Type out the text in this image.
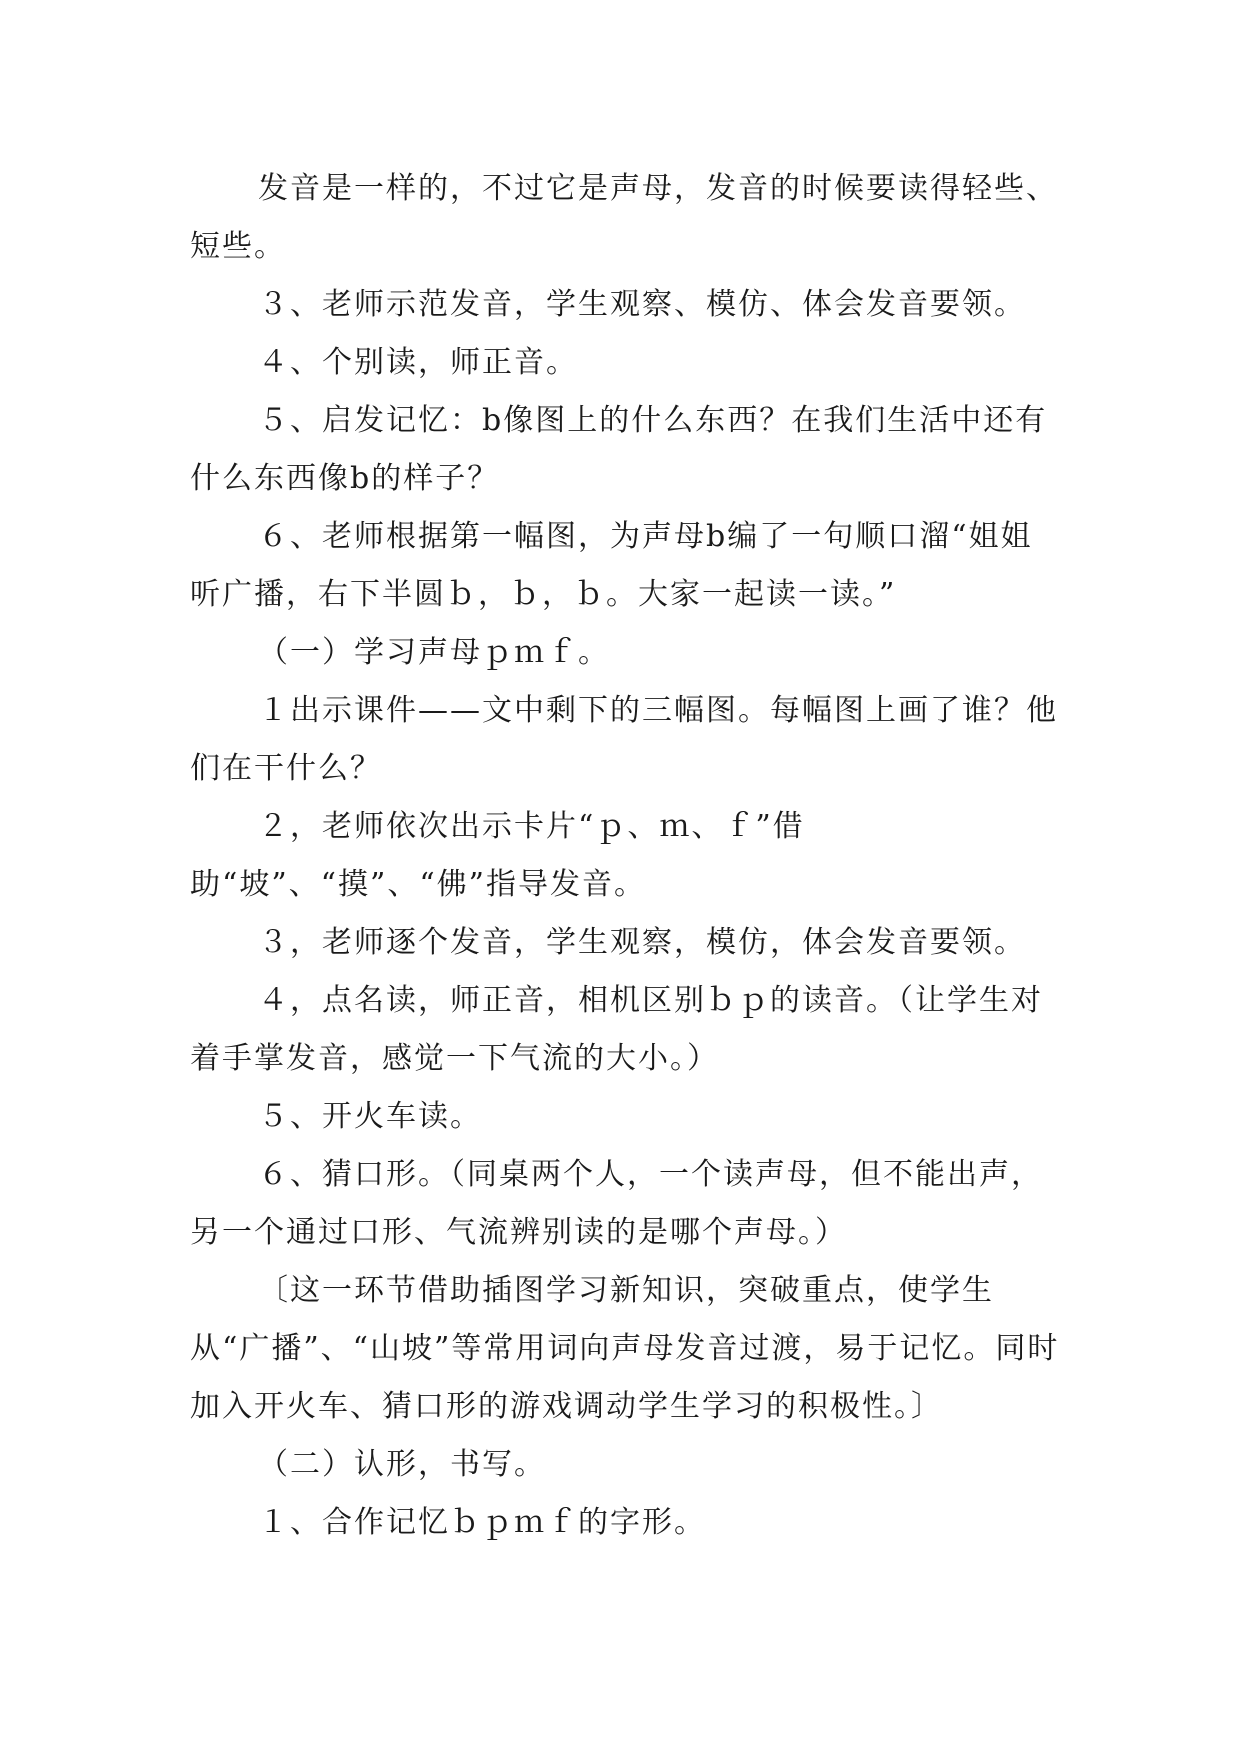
发音是一样的，不过它是声母，发音的时候要读得轻些、短些。

３、老师示范发音，学生观察、模仿、体会发音要领。

４、个别读，师正音。

５、启发记忆：b像图上的什么东西？在我们生活中还有什么东西像b的样子？

６、老师根据第一幅图，为声母b编了一句顺口溜“姐姐听广播，右下半圆ｂ，ｂ，ｂ。大家一起读一读。”

（一）学习声母ｐｍｆ。

１出示课件——文中剩下的三幅图。每幅图上画了谁？他们在干什么？

２，老师依次出示卡片“ｐ、ｍ、ｆ”借助“坡”、“摸”、“佛”指导发音。

３，老师逐个发音，学生观察，模仿，体会发音要领。

４，点名读，师正音，相机区别ｂｐ的读音。（让学生对着手掌发音，感觉一下气流的大小。）

５、开火车读。

６、猜口形。（同桌两个人，一个读声母，但不能出声，另一个通过口形、气流辨别读的是哪个声母。）

〔这一环节借助插图学习新知识，突破重点，使学生从“广播”、“山坡”等常用词向声母发音过渡，易于记忆。同时加入开火车、猜口形的游戏调动学生学习的积极性。〕

（二）认形，书写。

１、合作记忆ｂｐｍｆ的字形。
